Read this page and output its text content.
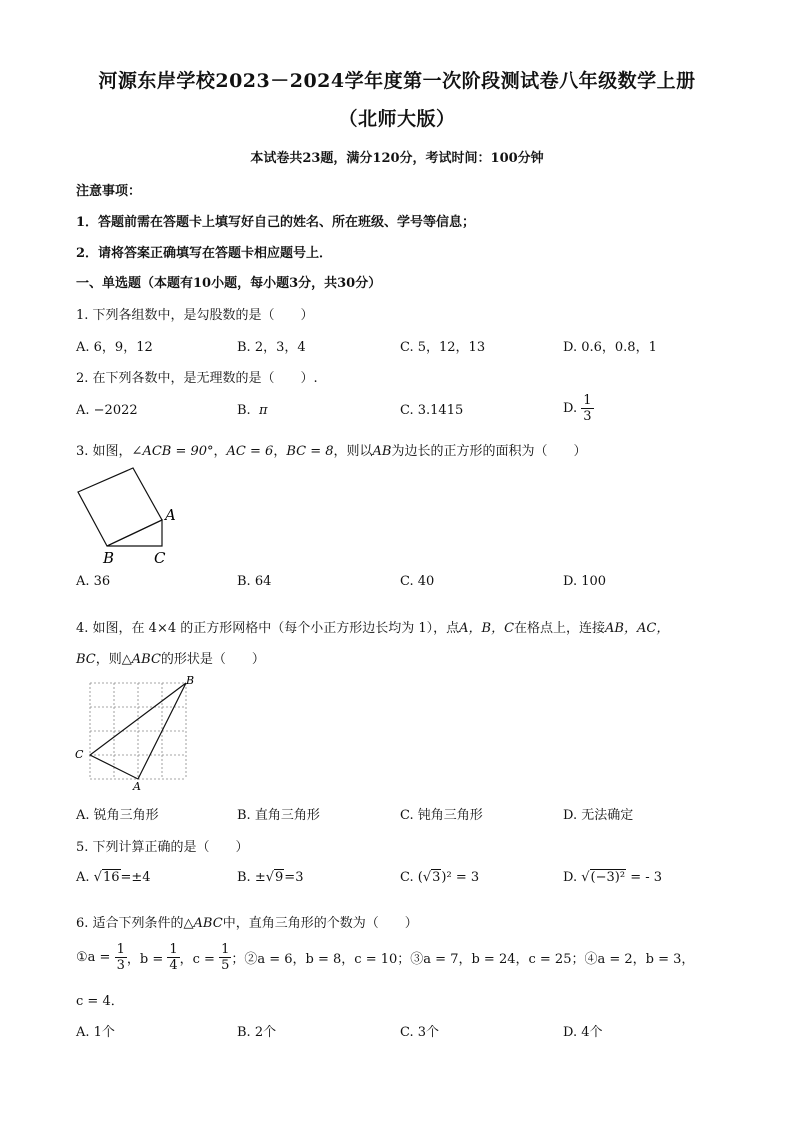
河源东岸学校2023－2024学年度第一次阶段测试卷八年级数学上册
（北师大版）
本试卷共23题，满分120分，考试时间：100分钟
注意事项：
1．答题前需在答题卡上填写好自己的姓名、所在班级、学号等信息；
2．请将答案正确填写在答题卡相应题号上．
一、单选题（本题有10小题，每小题3分，共30分）
1. 下列各组数中，是勾股数的是（　　）
A. 6，9，12	B. 2，3，4	C. 5，12，13	D. 0.6，0.8，1
2. 在下列各数中，是无理数的是（　　）.
A. −2022	B. π	C. 3.1415	D. $\frac{1}{3}$
3. 如图，∠ACB = 90°，AC = 6，BC = 8，则以AB为边长的正方形的面积为（　　）
A
B	C
A. 36	B. 64	C. 40	D. 100
4. 如图，在 4×4 的正方形网格中（每个小正方形边长均为 1），点A，B，C在格点上，连接AB，AC，
BC，则△ABC的形状是（　　）
B
C
A
A. 锐角三角形	B. 直角三角形	C. 钝角三角形	D. 无法确定
5. 下列计算正确的是（　　）
A. √16=±4	B. ±√9=3	C. (√3)² = 3	D. √(−3)² = - 3
6. 适合下列条件的△ABC中，直角三角形的个数为（　　）
①a = $\frac{1}{3}$ ，$b = \frac{1}{4}$ ，$c = \frac{1}{5}$ ；②a = 6，b = 8，c = 10；③a = 7，b = 24，c = 25；④a = 2，b = 3，
c = 4．
A. 1个	B. 2个	C. 3个	D. 4个
